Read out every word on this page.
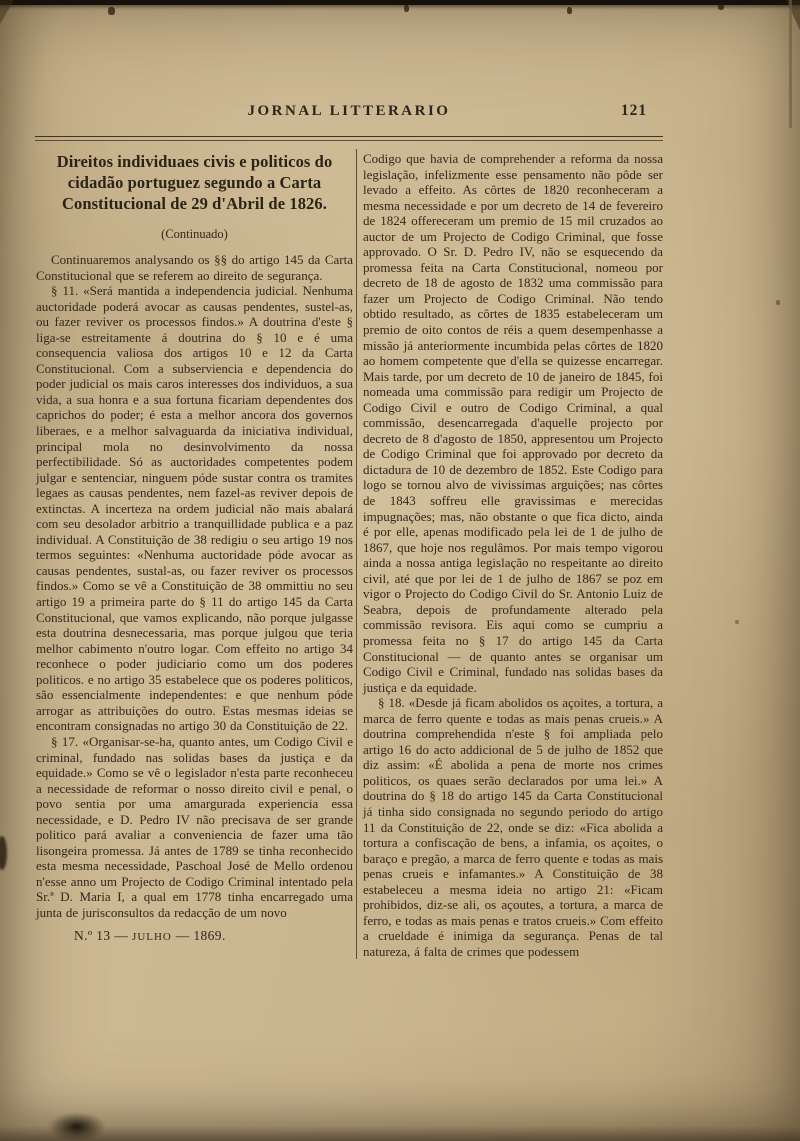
JORNAL LITTERARIO	121
Direitos individuaes civis e politicos do cidadão portuguez segundo a Carta Constitucional de 29 d'Abril de 1826.
(Continuado)

Continuaremos analysando os §§ do artigo 145 da Carta Constitucional que se referem ao direito de segurança.

§ 11. «Será mantida a independencia judicial. Nenhuma auctoridade poderá avocar as causas pendentes, sustel-as, ou fazer reviver os processos findos.» A doutrina d'este § liga-se estreitamente á doutrina do § 10 e é uma consequencia valiosa dos artigos 10 e 12 da Carta Constitucional. Com a subserviencia e dependencia do poder judicial os mais caros interesses dos individuos, a sua vida, a sua honra e a sua fortuna ficariam dependentes dos caprichos do poder; é esta a melhor ancora dos governos liberaes, e a melhor salvaguarda da iniciativa individual, principal mola no desinvolvimento da nossa perfectibilidade. Só as auctoridades competentes podem julgar e sentenciar, ninguem póde sustar contra os tramites legaes as causas pendentes, nem fazel-as reviver depois de extinctas. A incerteza na ordem judicial não mais abalará com seu desolador arbitrio a tranquillidade publica e a paz individual. A Constituição de 38 redigiu o seu artigo 19 nos termos seguintes: «Nenhuma auctoridade póde avocar as causas pendentes, sustal-as, ou fazer reviver os processos findos.» Como se vê a Constituição de 38 ommittiu no seu artigo 19 a primeira parte do § 11 do artigo 145 da Carta Constitucional, que vamos explicando, não porque julgasse esta doutrina desnecessaria, mas porque julgou que teria melhor cabimento n'outro logar. Com effeito no artigo 34 reconhece o poder judiciario como um dos poderes politicos. e no artigo 35 estabelece que os poderes politicos, são essencialmente independentes: e que nenhum póde arrogar as attribuições do outro. Estas mesmas ideias se encontram consignadas no artigo 30 da Constituição de 22.

§ 17. «Organisar-se-ha, quanto antes, um Codigo Civil e criminal, fundado nas solidas bases da justiça e da equidade.» Como se vê o legislador n'esta parte reconheceu a necessidade de reformar o nosso direito civil e penal, o povo sentia por uma amargurada experiencia essa necessidade, e D. Pedro IV não precisava de ser grande politico pará avaliar a conveniencia de fazer uma tão lisongeira promessa. Já antes de 1789 se tinha reconhecido esta mesma necessidade, Paschoal José de Mello ordenou n'esse anno um Projecto de Codigo Criminal intentado pela Sr.ª D. Maria I, a qual em 1778 tinha encarregado uma junta de jurisconsultos da redacção de um novo

N.º 13 — JULHO — 1869.

Codigo que havia de comprehender a reforma da nossa legislação, infelizmente esse pensamento não pôde ser levado a effeito. As côrtes de 1820 reconheceram a mesma necessidade e por um decreto de 14 de fevereiro de 1824 offereceram um premio de 15 mil cruzados ao auctor de um Projecto de Codigo Criminal, que fosse approvado. O Sr. D. Pedro IV, não se esquecendo da promessa feita na Carta Constitucional, nomeou por decreto de 18 de agosto de 1832 uma commissão para fazer um Projecto de Codigo Criminal. Não tendo obtido resultado, as côrtes de 1835 estabeleceram um premio de oito contos de réis a quem desempenhasse a missão já anteriormente incumbida pelas côrtes de 1820 ao homem competente que d'ella se quizesse encarregar. Mais tarde, por um decreto de 10 de janeiro de 1845, foi nomeada uma commissão para redigir um Projecto de Codigo Civil e outro de Codigo Criminal, a qual commissão, desencarregada d'aquelle projecto por decreto de 8 d'agosto de 1850, appresentou um Projecto de Codigo Criminal que foi approvado por decreto da dictadura de 10 de dezembro de 1852. Este Codigo para logo se tornou alvo de vivissimas arguições; nas côrtes de 1843 soffreu elle gravissimas e merecidas impugnações; mas, não obstante o que fica dicto, ainda é por elle, apenas modificado pela lei de 1 de julho de 1867, que hoje nos regulâmos. Por mais tempo vigorou ainda a nossa antiga legislação no respeitante ao direito civil, até que por lei de 1 de julho de 1867 se poz em vigor o Projecto do Codigo Civil do Sr. Antonio Luiz de Seabra, depois de profundamente alterado pela commissão revisora. Eis aqui como se cumpriu a promessa feita no § 17 do artigo 145 da Carta Constitucional — de quanto antes se organisar um Codigo Civil e Criminal, fundado nas solidas bases da justiça e da equidade.

§ 18. «Desde já ficam abolidos os açoites, a tortura, a marca de ferro quente e todas as mais penas crueis.» A doutrina comprehendida n'este § foi ampliada pelo artigo 16 do acto addicional de 5 de julho de 1852 que diz assim: «É abolida a pena de morte nos crimes politicos, os quaes serão declarados por uma lei.» A doutrina do § 18 do artigo 145 da Carta Constitucional já tinha sido consignada no segundo periodo do artigo 11 da Constituição de 22, onde se diz: «Fica abolida a tortura a confiscação de bens, a infamia, os açoites, o baraço e pregão, a marca de ferro quente e todas as mais penas crueis e infamantes.» A Constituição de 38 estabeleceu a mesma ideia no artigo 21: «Ficam prohibidos, diz-se ali, os açoutes, a tortura, a marca de ferro, e todas as mais penas e tratos crueis.» Com effeito a crueldade é inimiga da segurança. Penas de tal natureza, á falta de crimes que podessem
